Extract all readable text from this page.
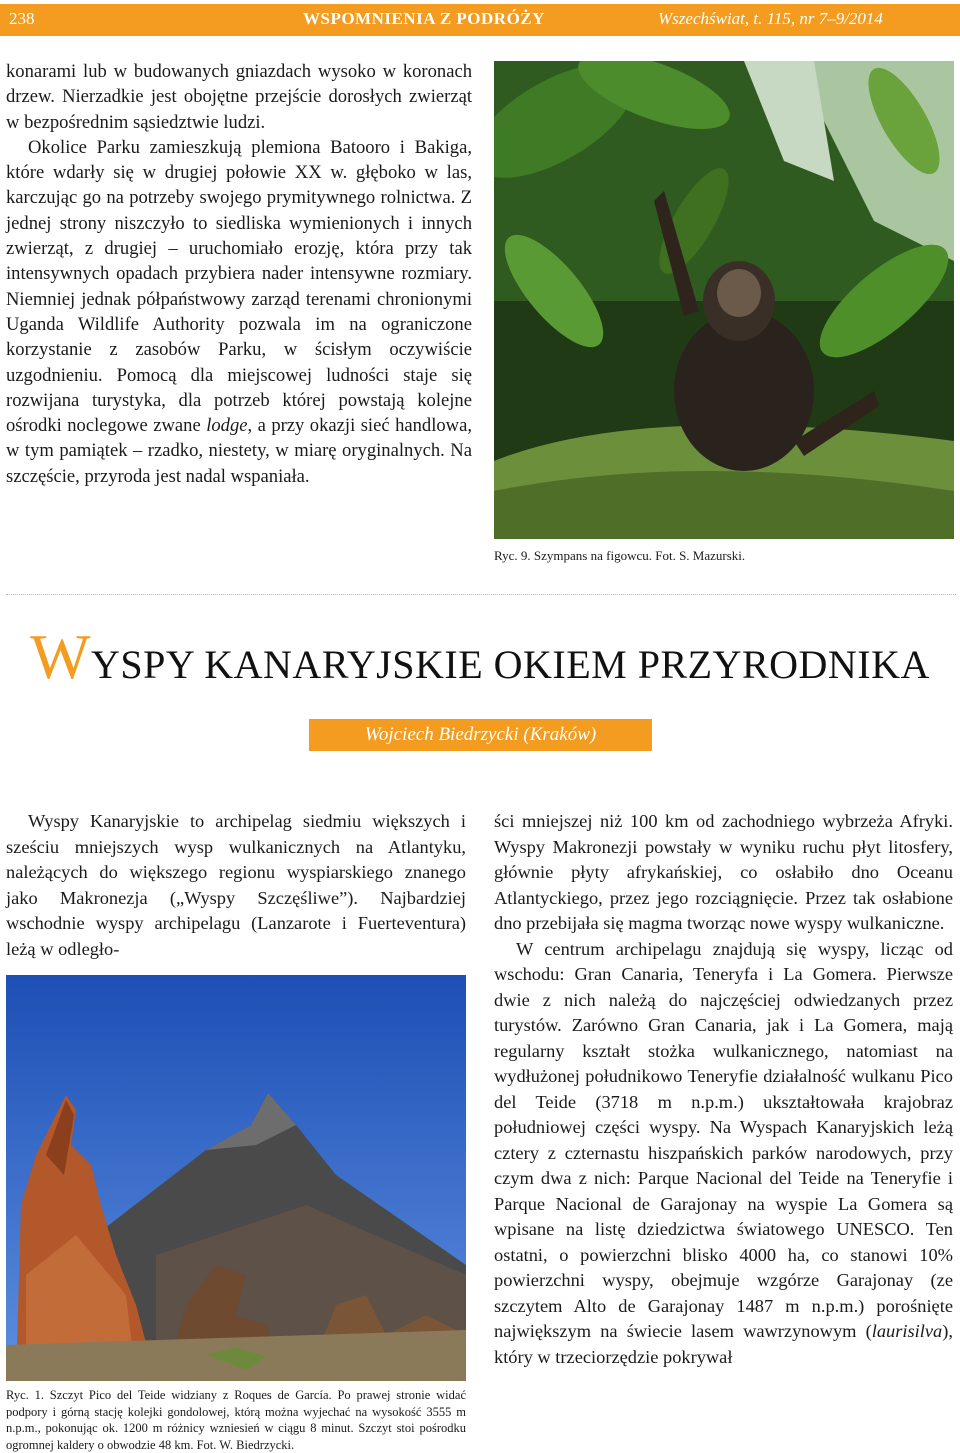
238	WSPOMNIENIA Z PODRÓŻY	Wszechświat, t. 115, nr 7–9/2014

konarami lub w budowanych gniazdach wysoko w koronach drzew. Nierzadkie jest obojętne przejście dorosłych zwierząt w bezpośrednim sąsiedztwie ludzi.

Okolice Parku zamieszkują plemiona Batooro i Bakiga, które wdarły się w drugiej połowie XX w. głęboko w las, karczując go na potrzeby swojego prymitywnego rolnictwa. Z jednej strony niszczyło to siedliska wymienionych i innych zwierząt, z drugiej – uruchomiało erozję, która przy tak intensywnych opadach przybiera nader intensywne rozmiary. Niemniej jednak półpaństwowy zarząd terenami chronionymi Uganda Wildlife Authority pozwala im na ograniczone korzystanie z zasobów Parku, w ścisłym oczywiście uzgodnieniu. Pomocą dla miejscowej ludności staje się rozwijana turystyka, dla potrzeb której powstają kolejne ośrodki noclegowe zwane lodge, a przy okazji sieć handlowa, w tym pamiątek – rzadko, niestety, w miarę oryginalnych. Na szczęście, przyroda jest nadal wspaniała.

Ryc. 9. Szympans na figowcu. Fot. S. Mazurski.
WYSPY KANARYJSKIE OKIEM PRZYRODNIKA
Wojciech Biedrzycki (Kraków)

Wyspy Kanaryjskie to archipelag siedmiu większych i sześciu mniejszych wysp wulkanicznych na Atlantyku, należących do większego regionu wyspiarskiego znanego jako Makronezja („Wyspy Szczęśliwe”). Najbardziej wschodnie wyspy archipelagu (Lanzarote i Fuerteventura) leżą w odległo-

Ryc. 1. Szczyt Pico del Teide widziany z Roques de García. Po prawej stronie widać podpory i górną stację kolejki gondolowej, którą można wyjechać na wysokość 3555 m n.p.m., pokonując ok. 1200 m różnicy wzniesień w ciągu 8 minut. Szczyt stoi pośrodku ogromnej kaldery o obwodzie 48 km. Fot. W. Biedrzycki.

ści mniejszej niż 100 km od zachodniego wybrzeża Afryki. Wyspy Makronezji powstały w wyniku ruchu płyt litosfery, głównie płyty afrykańskiej, co osłabiło dno Oceanu Atlantyckiego, przez jego rozciągnięcie. Przez tak osłabione dno przebijała się magma tworząc nowe wyspy wulkaniczne.

W centrum archipelagu znajdują się wyspy, licząc od wschodu: Gran Canaria, Teneryfa i La Gomera. Pierwsze dwie z nich należą do najczęściej odwiedzanych przez turystów. Zarówno Gran Canaria, jak i La Gomera, mają regularny kształt stożka wulkanicznego, natomiast na wydłużonej południkowo Teneryfie działalność wulkanu Pico del Teide (3718 m n.p.m.) ukształtowała krajobraz południowej części wyspy. Na Wyspach Kanaryjskich leżą cztery z czternastu hiszpańskich parków narodowych, przy czym dwa z nich: Parque Nacional del Teide na Teneryfie i Parque Nacional de Garajonay na wyspie La Gomera są wpisane na listę dziedzictwa światowego UNESCO. Ten ostatni, o powierzchni blisko 4000 ha, co stanowi 10% powierzchni wyspy, obejmuje wzgórze Garajonay (ze szczytem Alto de Garajonay 1487 m n.p.m.) porośnięte największym na świecie lasem wawrzynowym (laurisilva), który w trzeciorzędzie pokrywał
